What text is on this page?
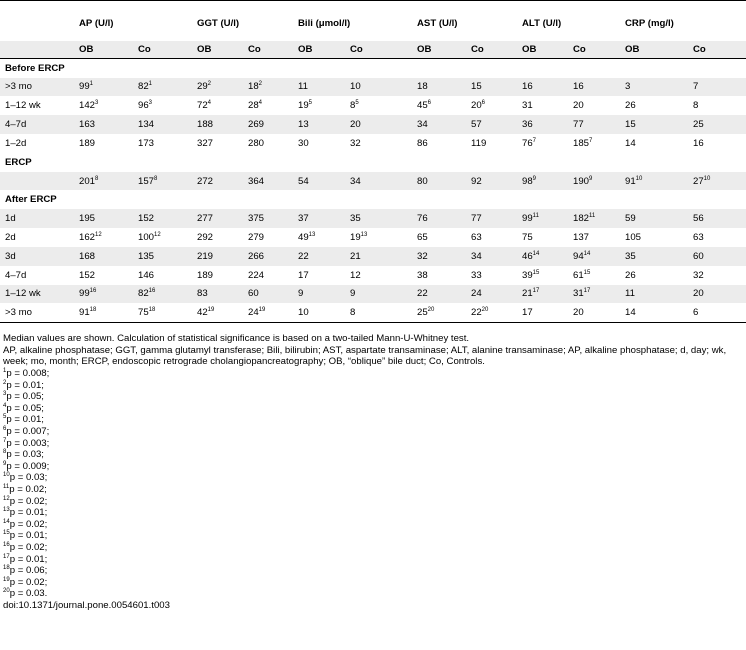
	AP (U/l)		GGT (U/l)		Bili (μmol/l)		AST (U/l)		ALT (U/l)		CRP (mg/l)	
	OB	Co	OB	Co	OB	Co	OB	Co	OB	Co	OB	Co
Before ERCP												
>3 mo	$99^1$	$82^1$	$29^2$	$18^2$	11	10	18	15	16	16	3	7
1–12 wk	$142^3$	$96^3$	$72^4$	$28^4$	$19^5$	$8^5$	$45^6$	$20^6$	31	20	26	8
4–7d	163	134	188	269	13	20	34	57	36	77	15	25
1–2d	189	173	327	280	30	32	86	119	$76^7$	$185^7$	14	16
ERCP												
	$201^8$	$157^8$	272	364	54	34	80	92	$98^9$	$190^9$	$91^{10}$	$27^{10}$
After ERCP												
1d	195	152	277	375	37	35	76	77	$99^{11}$	$182^{11}$	59	56
2d	$162^{12}$	$100^{12}$	292	279	$49^{13}$	$19^{13}$	65	63	75	137	105	63
3d	168	135	219	266	22	21	32	34	$46^{14}$	$94^{14}$	35	60
4–7d	152	146	189	224	17	12	38	33	$39^{15}$	$61^{15}$	26	32
1–12 wk	$99^{16}$	$82^{16}$	83	60	9	9	22	24	$21^{17}$	$31^{17}$	11	20
>3 mo	$91^{18}$	$75^{18}$	$42^{19}$	$24^{19}$	10	8	$25^{20}$	$22^{20}$	17	20	14	6
Median values are shown. Calculation of statistical significance is based on a two-tailed Mann-U-Whitney test.
AP, alkaline phosphatase; GGT, gamma glutamyl transferase; Bili, bilirubin; AST, aspartate transaminase; ALT, alanine transaminase; AP, alkaline phosphatase; d, day; wk, week; mo, month; ERCP, endoscopic retrograde cholangiopancreatography; OB, “oblique” bile duct; Co, Controls.
$^1$p = 0.008;
$^2$p = 0.01;
$^3$p = 0.05;
$^4$p = 0.05;
$^5$p = 0.01;
$^6$p = 0.007;
$^7$p = 0.003;
$^8$p = 0.03;
$^9$p = 0.009;
$^{10}$p = 0.03;
$^{11}$p = 0.02;
$^{12}$p = 0.02;
$^{13}$p = 0.01;
$^{14}$p = 0.02;
$^{15}$p = 0.01;
$^{16}$p = 0.02;
$^{17}$p = 0.01;
$^{18}$p = 0.06;
$^{19}$p = 0.02;
$^{20}$p = 0.03.
doi:10.1371/journal.pone.0054601.t003
